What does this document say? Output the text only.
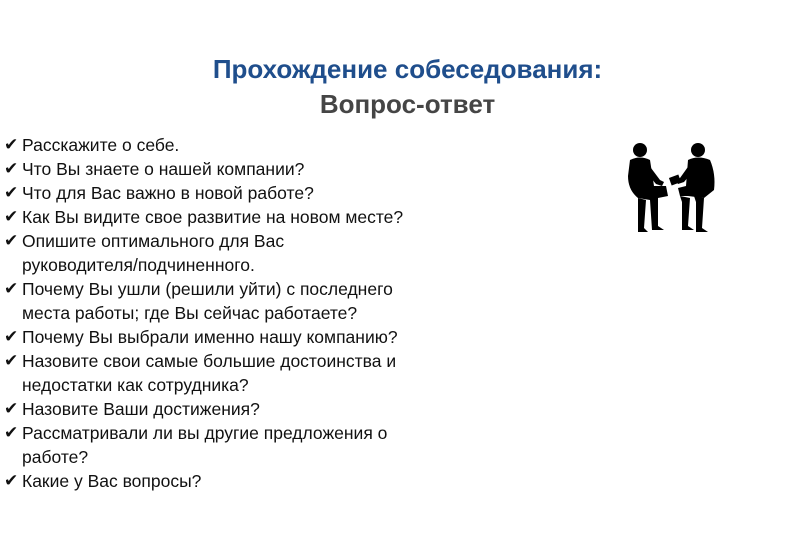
Прохождение собеседования:
Вопрос-ответ
✔ Расскажите о себе.
✔ Что Вы знаете о нашей компании?
✔ Что для Вас важно в новой работе?
✔ Как Вы видите свое развитие на новом месте?
✔ Опишите оптимального для Вас
руководителя/подчиненного.
✔ Почему Вы ушли (решили уйти) с последнего
места работы; где Вы сейчас работаете?
✔ Почему Вы выбрали именно нашу компанию?
✔ Назовите свои самые большие достоинства и
недостатки как сотрудника?
✔ Назовите Ваши достижения?
✔ Рассматривали ли вы другие предложения о
работе?
✔ Какие у Вас вопросы?
